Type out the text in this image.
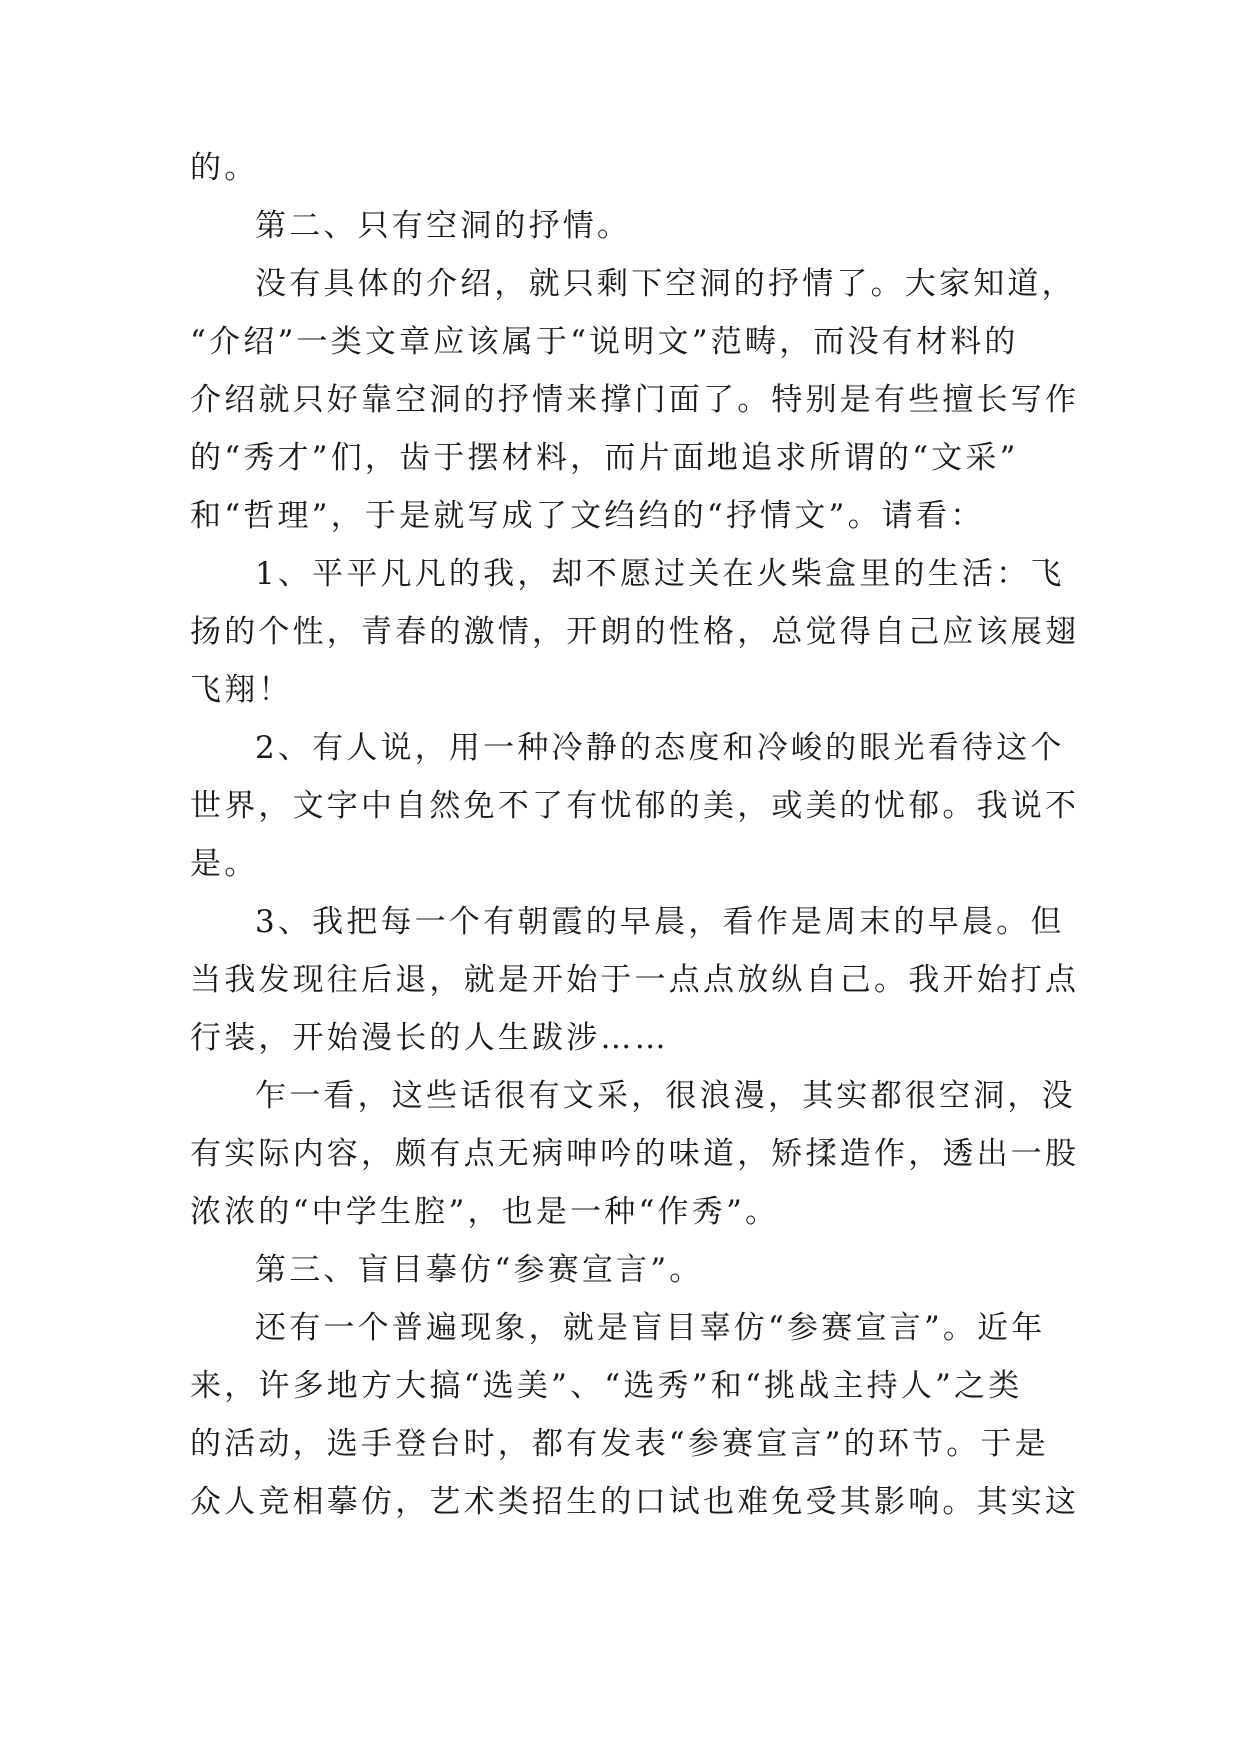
的。
第二、只有空洞的抒情。
没有具体的介绍，就只剩下空洞的抒情了。大家知道，
“介绍”一类文章应该属于“说明文”范畴，而没有材料的
介绍就只好靠空洞的抒情来撑门面了。特别是有些擅长写作
的“秀才”们，齿于摆材料，而片面地追求所谓的“文采”
和“哲理”，于是就写成了文绉绉的“抒情文”。请看：
1、平平凡凡的我，却不愿过关在火柴盒里的生活：飞
扬的个性，青春的激情，开朗的性格，总觉得自己应该展翅
飞翔！
2、有人说，用一种冷静的态度和冷峻的眼光看待这个
世界，文字中自然免不了有忧郁的美，或美的忧郁。我说不
是。
3、我把每一个有朝霞的早晨，看作是周末的早晨。但
当我发现往后退，就是开始于一点点放纵自己。我开始打点
行装，开始漫长的人生跋涉……
乍一看，这些话很有文采，很浪漫，其实都很空洞，没
有实际内容，颇有点无病呻吟的味道，矫揉造作，透出一股
浓浓的“中学生腔”，也是一种“作秀”。
第三、盲目摹仿“参赛宣言”。
还有一个普遍现象，就是盲目辜仿“参赛宣言”。近年
来，许多地方大搞“选美”、“选秀”和“挑战主持人”之类
的活动，选手登台时，都有发表“参赛宣言”的环节。于是
众人竞相摹仿，艺术类招生的口试也难免受其影响。其实这
